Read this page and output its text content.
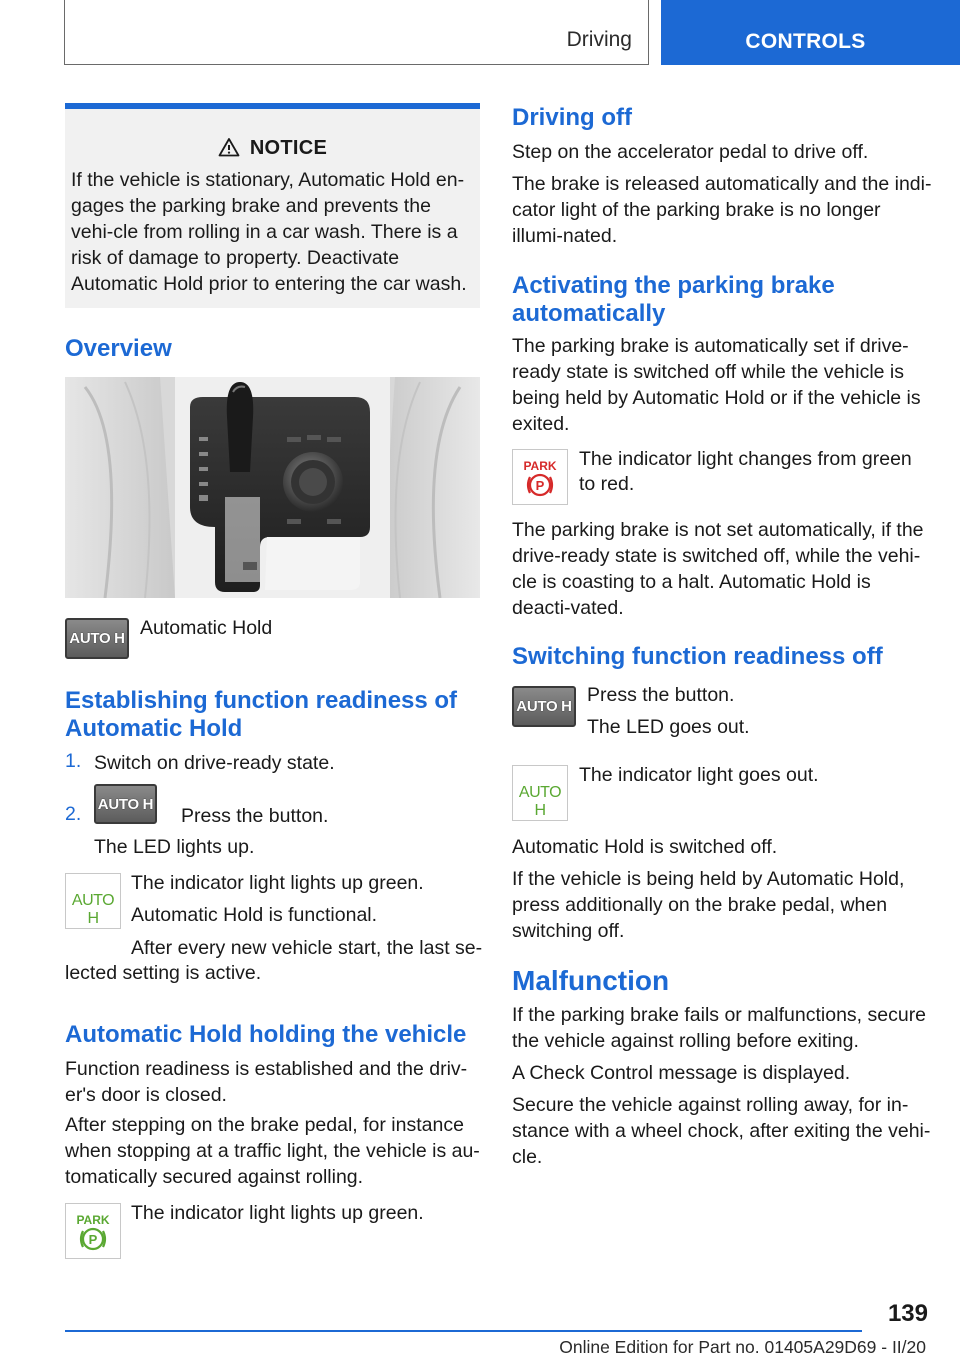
Driving	CONTROLS
NOTICE

If the vehicle is stationary, Automatic Hold en-gages the parking brake and prevents the vehi-cle from rolling in a car wash. There is a risk of damage to property. Deactivate Automatic Hold prior to entering the car wash.

Overview
AUTO H Automatic Hold

Establishing function readiness of
Automatic Hold
1. Switch on drive-ready state.

2. AUTO H

Press the button.

The LED lights up.

AUTO H

The indicator light lights up green.

Automatic Hold is functional.

After every new vehicle start, the last se-

lected setting is active.

Automatic Hold holding the vehicle

Function readiness is established and the driv-er's door is closed.

After stepping on the brake pedal, for instance when stopping at a traffic light, the vehicle is au-tomatically secured against rolling.

PARK
P

The indicator light lights up green.

Driving off

Step on the accelerator pedal to drive off.

The brake is released automatically and the indi-cator light of the parking brake is no longer illumi-nated.

Activating the parking brake
automatically

The parking brake is automatically set if drive-ready state is switched off while the vehicle is being held by Automatic Hold or if the vehicle is exited.

PARK
P

The indicator light changes from green

to red.

The parking brake is not set automatically, if the drive-ready state is switched off, while the vehi-cle is coasting to a halt. Automatic Hold is deacti-vated.

Switching function readiness off
AUTO H

Press the button.

The LED goes out.

AUTO H

The indicator light goes out.

Automatic Hold is switched off.

If the vehicle is being held by Automatic Hold, press additionally on the brake pedal, when switching off.

Malfunction

If the parking brake fails or malfunctions, secure the vehicle against rolling before exiting.

A Check Control message is displayed.

Secure the vehicle against rolling away, for in-stance with a wheel chock, after exiting the vehi-cle.

139
Online Edition for Part no. 01405A29D69 - II/20
